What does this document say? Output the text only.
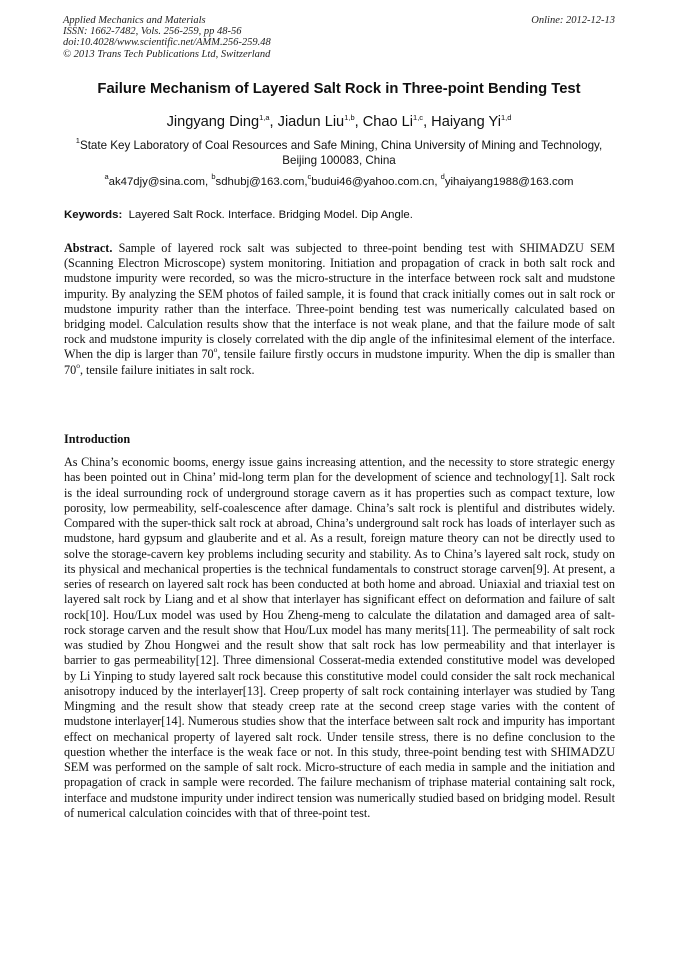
Applied Mechanics and Materials
ISSN: 1662-7482, Vols. 256-259, pp 48-56
doi:10.4028/www.scientific.net/AMM.256-259.48
© 2013 Trans Tech Publications Ltd, Switzerland
Online: 2012-12-13
Failure Mechanism of Layered Salt Rock in Three-point Bending Test
Jingyang Ding$^{1,a}$, Jiadun Liu$^{1,b}$, Chao Li$^{1,c}$, Haiyang Yi$^{1,d}$
$^1$State Key Laboratory of Coal Resources and Safe Mining, China University of Mining and Technology, Beijing 100083, China
$^a$ak47djy@sina.com, $^b$sdhubj@163.com,$^c$budui46@yahoo.com.cn, $^d$yihaiyang1988@163.com
Keywords: Layered Salt Rock. Interface. Bridging Model. Dip Angle.
Abstract. Sample of layered rock salt was subjected to three-point bending test with SHIMADZU SEM (Scanning Electron Microscope) system monitoring. Initiation and propagation of crack in both salt rock and mudstone impurity were recorded, so was the micro-structure in the interface between rock salt and mudstone impurity. By analyzing the SEM photos of failed sample, it is found that crack initially comes out in salt rock or mudstone impurity rather than the interface. Three-point bending test was numerically calculated based on bridging model. Calculation results show that the interface is not weak plane, and that the failure mode of salt rock and mudstone impurity is closely correlated with the dip angle of the infinitesimal element of the interface. When the dip is larger than 70$^o$, tensile failure firstly occurs in mudstone impurity. When the dip is smaller than 70$^o$, tensile failure initiates in salt rock.
Introduction
As China’s economic booms, energy issue gains increasing attention, and the necessity to store strategic energy has been pointed out in China’ mid-long term plan for the development of science and technology[1]. Salt rock is the ideal surrounding rock of underground storage cavern as it has properties such as compact texture, low porosity, low permeability, self-coalescence after damage. China’s salt rock is plentiful and distributes widely. Compared with the super-thick salt rock at abroad, China’s underground salt rock has loads of interlayer such as mudstone, hard gypsum and glauberite and et al. As a result, foreign mature theory can not be directly used to solve the storage-cavern key problems including security and stability. As to China’s layered salt rock, study on its physical and mechanical properties is the technical fundamentals to construct storage carven[9]. At present, a series of research on layered salt rock has been conducted at both home and abroad. Uniaxial and triaxial test on layered salt rock by Liang and et al show that interlayer has significant effect on deformation and failure of salt rock[10]. Hou/Lux model was used by Hou Zheng-meng to calculate the dilatation and damaged area of salt-rock storage carven and the result show that Hou/Lux model has many merits[11]. The permeability of salt rock was studied by Zhou Hongwei and the result show that salt rock has low permeability and that interlayer is barrier to gas permeability[12]. Three dimensional Cosserat-media extended constitutive model was developed by Li Yinping to study layered salt rock because this constitutive model could consider the salt rock mechanical anisotropy induced by the interlayer[13]. Creep property of salt rock containing interlayer was studied by Tang Mingming and the result show that steady creep rate at the second creep stage varies with the content of mudstone interlayer[14]. Numerous studies show that the interface between salt rock and impurity has important effect on mechanical property of layered salt rock. Under tensile stress, there is no define conclusion to the question whether the interface is the weak face or not. In this study, three-point bending test with SHIMADZU SEM was performed on the sample of salt rock. Micro-structure of each media in sample and the initiation and propagation of crack in sample were recorded. The failure mechanism of triphase material containing salt rock, interface and mudstone impurity under indirect tension was numerically studied based on bridging model. Result of numerical calculation coincides with that of three-point test.
